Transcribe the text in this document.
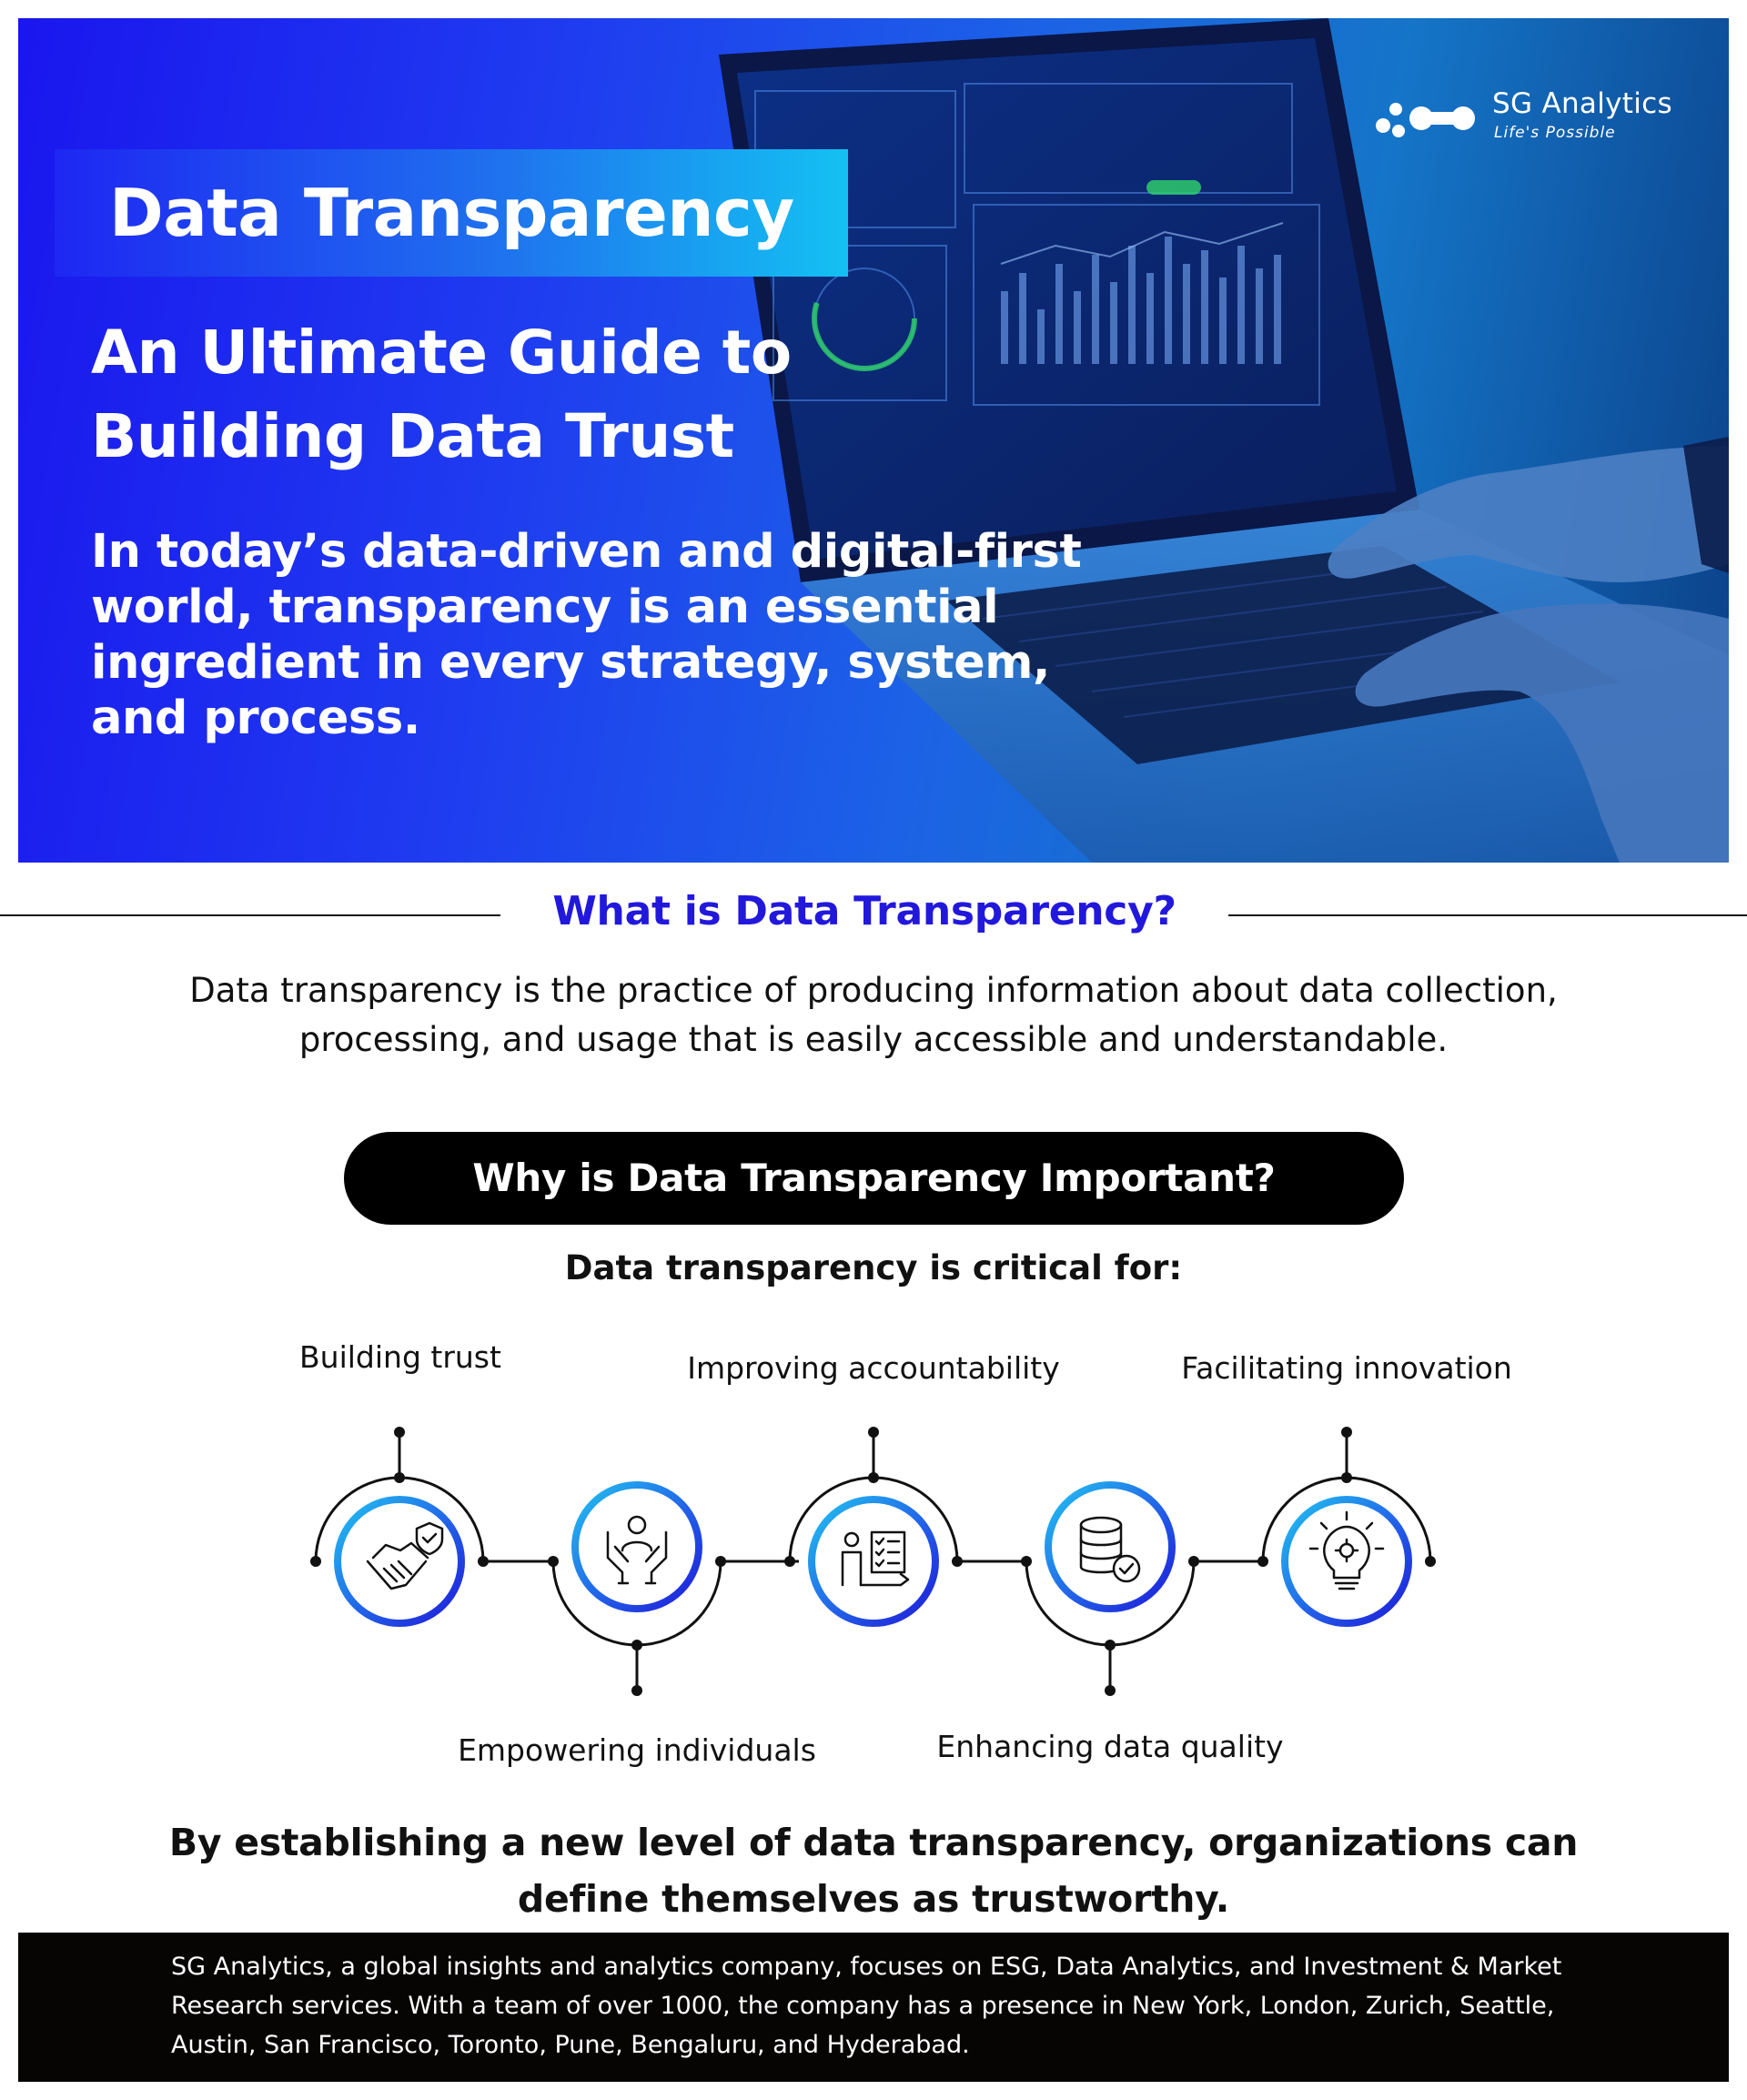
SG Analytics
Life's Possible
Data Transparency
An Ultimate Guide to Building Data Trust
In today’s data-driven and digital-first world, transparency is an essential ingredient in every strategy, system, and process.
What is Data Transparency?

Data transparency is the practice of producing information about data collection, processing, and usage that is easily accessible and understandable.

Why is Data Transparency Important?
Data transparency is critical for:
Building trust	Improving accountability	Facilitating innovation
Empowering individuals	Enhancing data quality

By establishing a new level of data transparency, organizations can define themselves as trustworthy.

SG Analytics, a global insights and analytics company, focuses on ESG, Data Analytics, and Investment & Market Research services. With a team of over 1000, the company has a presence in New York, London, Zurich, Seattle, Austin, San Francisco, Toronto, Pune, Bengaluru, and Hyderabad.
